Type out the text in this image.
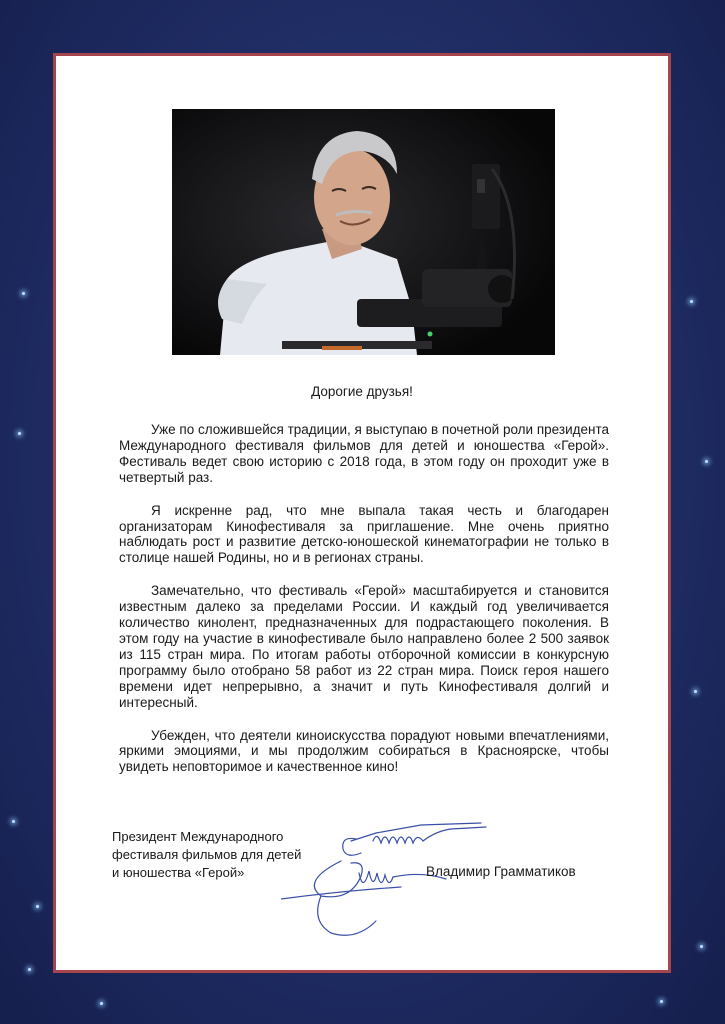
Дорогие друзья!

Уже по сложившейся традиции, я выступаю в почетной роли президента Международного фестиваля фильмов для детей и юношества «Герой». Фестиваль ведет свою историю с 2018 года, в этом году он проходит уже в четвертый раз.

Я искренне рад, что мне выпала такая честь и благодарен организаторам Кинофестиваля за приглашение. Мне очень приятно наблюдать рост и развитие детско-юношеской кинематографии не только в столице нашей Родины, но и в регионах страны.

Замечательно, что фестиваль «Герой» масштабируется и становится известным далеко за пределами России. И каждый год увеличивается количество кинолент, предназначенных для подрастающего поколения. В этом году на участие в кинофестивале было направлено более 2 500 заявок из 115 стран мира. По итогам работы отборочной комиссии в конкурсную программу было отобрано 58 работ из 22 стран мира. Поиск героя нашего времени идет непрерывно, а значит и путь Кинофестиваля долгий и интересный.

Убежден, что деятели киноискусства порадуют новыми впечатлениями, яркими эмоциями, и мы продолжим собираться в Красноярске, чтобы увидеть неповторимое и качественное кино!

Президент Международного
фестиваля фильмов для детей
и юношества «Герой»	Владимир Грамматиков
